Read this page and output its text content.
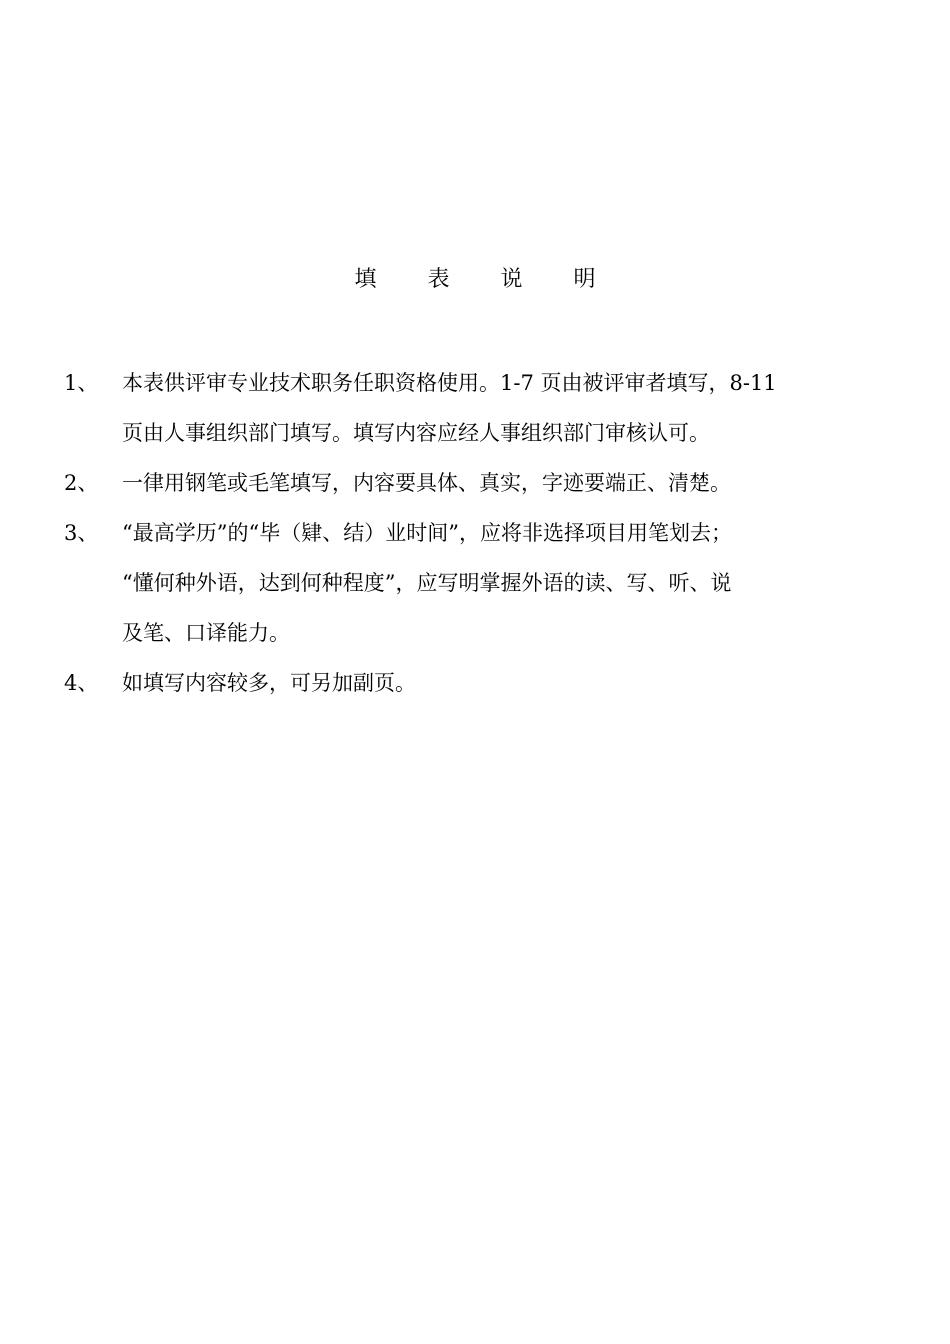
填 表 说 明
1、	本表供评审专业技术职务任职资格使用。1-7 页由被评审者填写，8-11
页由人事组织部门填写。填写内容应经人事组织部门审核认可。
2、	一律用钢笔或毛笔填写，内容要具体、真实，字迹要端正、清楚。
3、	“最高学历”的“毕（肄、结）业时间”，应将非选择项目用笔划去；
“懂何种外语，达到何种程度”，应写明掌握外语的读、写、听、说
及笔、口译能力。
4、	如填写内容较多，可另加副页。
